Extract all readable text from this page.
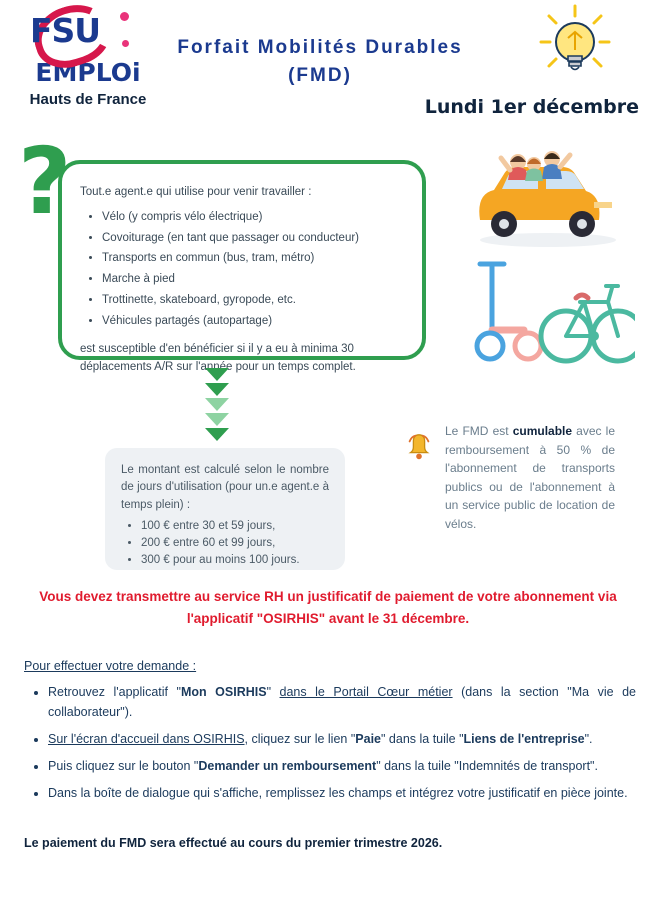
FSU
EMPLOi
Hauts de France
Forfait Mobilités Durables
(FMD)
Lundi 1er décembre
? Tout.e agent.e qui utilise pour venir travailler :
• Vélo (y compris vélo électrique)
• Covoiturage (en tant que passager ou conducteur)
• Transports en commun (bus, tram, métro)
• Marche à pied
• Trottinette, skateboard, gyropode, etc.
• Véhicules partagés (autopartage)
est susceptible d'en bénéficier si il y a eu à minima 30 déplacements A/R sur l'année pour un temps complet.
Le montant est calculé selon le nombre de jours d'utilisation (pour un.e agent.e à temps plein) :
• 100 € entre 30 et 59 jours,
• 200 € entre 60 et 99 jours,
• 300 € pour au moins 100 jours.
Le FMD est cumulable avec le remboursement à 50 % de l'abonnement de transports publics ou de l'abonnement à un service public de location de vélos.
Vous devez transmettre au service RH un justificatif de paiement de votre abonnement via l'applicatif "OSIRHIS" avant le 31 décembre.
Pour effectuer votre demande :
• Retrouvez l'applicatif "Mon OSIRHIS" dans le Portail Cœur métier (dans la section "Ma vie de collaborateur").
• Sur l'écran d'accueil dans OSIRHIS, cliquez sur le lien "Paie" dans la tuile "Liens de l'entreprise".
• Puis cliquez sur le bouton "Demander un remboursement" dans la tuile "Indemnités de transport".
• Dans la boîte de dialogue qui s'affiche, remplissez les champs et intégrez votre justificatif en pièce jointe.
Le paiement du FMD sera effectué au cours du premier trimestre 2026.
